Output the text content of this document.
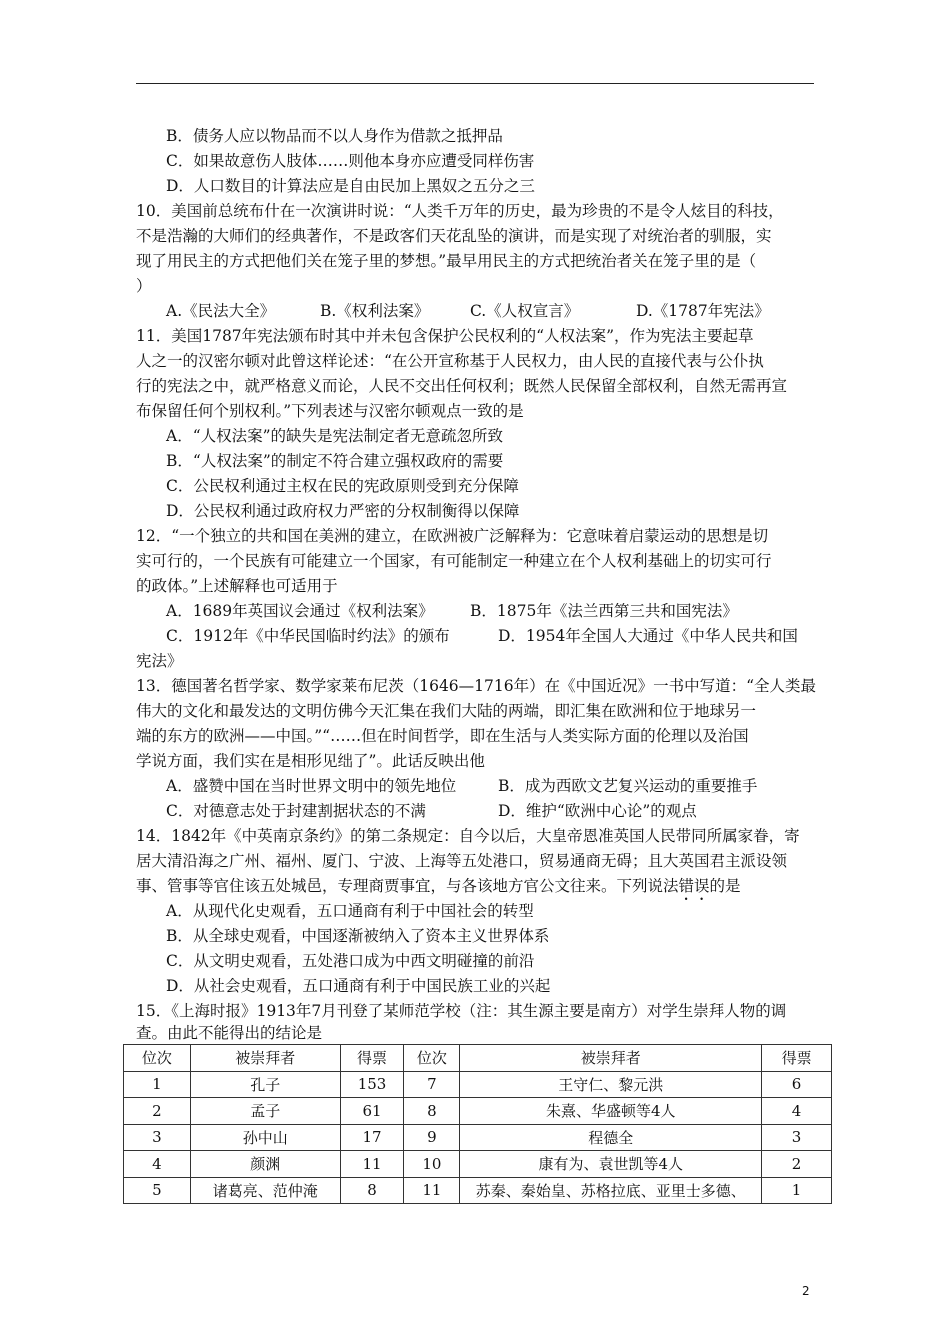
B．债务人应以物品而不以人身作为借款之抵押品
C．如果故意伤人肢体……则他本身亦应遭受同样伤害
D．人口数目的计算法应是自由民加上黑奴之五分之三
10．美国前总统布什在一次演讲时说：“人类千万年的历史，最为珍贵的不是令人炫目的科技，
不是浩瀚的大师们的经典著作，不是政客们天花乱坠的演讲，而是实现了对统治者的驯服，实
现了用民主的方式把他们关在笼子里的梦想。”最早用民主的方式把统治者关在笼子里的是（
）
A.《民法大全》	B.《权利法案》	C.《人权宣言》	D.《1787年宪法》
11．美国1787年宪法颁布时其中并未包含保护公民权利的“人权法案”，作为宪法主要起草
人之一的汉密尔顿对此曾这样论述：“在公开宣称基于人民权力，由人民的直接代表与公仆执
行的宪法之中，就严格意义而论，人民不交出任何权利；既然人民保留全部权利，自然无需再宣
布保留任何个别权利。”下列表述与汉密尔顿观点一致的是
A．“人权法案”的缺失是宪法制定者无意疏忽所致
B．“人权法案”的制定不符合建立强权政府的需要
C．公民权利通过主权在民的宪政原则受到充分保障
D．公民权利通过政府权力严密的分权制衡得以保障
12．“一个独立的共和国在美洲的建立，在欧洲被广泛解释为：它意味着启蒙运动的思想是切
实可行的，一个民族有可能建立一个国家，有可能制定一种建立在个人权利基础上的切实可行
的政体。”上述解释也可适用于
A．1689年英国议会通过《权利法案》 B．1875年《法兰西第三共和国宪法》
C．1912年《中华民国临时约法》的颁布	D．1954年全国人大通过《中华人民共和国
宪法》
13．德国著名哲学家、数学家莱布尼茨（1646—1716年）在《中国近况》一书中写道：“全人类最
伟大的文化和最发达的文明仿佛今天汇集在我们大陆的两端，即汇集在欧洲和位于地球另一
端的东方的欧洲——中国。”“……但在时间哲学，即在生活与人类实际方面的伦理以及治国
学说方面，我们实在是相形见绌了”。此话反映出他
A．盛赞中国在当时世界文明中的领先地位	B．成为西欧文艺复兴运动的重要推手
C．对德意志处于封建割据状态的不满	D．维护“欧洲中心论”的观点
14．1842年《中英南京条约》的第二条规定：自今以后，大皇帝恩准英国人民带同所属家眷，寄
居大清沿海之广州、福州、厦门、宁波、上海等五处港口，贸易通商无碍；且大英国君主派设领
事、管事等官住该五处城邑，专理商贾事宜，与各该地方官公文往来。下列说法错误的是
A．从现代化史观看，五口通商有利于中国社会的转型
B．从全球史观看，中国逐渐被纳入了资本主义世界体系
C．从文明史观看，五处港口成为中西文明碰撞的前沿
D．从社会史观看，五口通商有利于中国民族工业的兴起
15．《上海时报》1913年7月刊登了某师范学校（注：其生源主要是南方）对学生崇拜人物的调
查。由此不能得出的结论是
位次	被崇拜者	得票	位次	被崇拜者	得票
1	孔子	153	7	王守仁、黎元洪	6
2	孟子	61	8	朱熹、华盛顿等4人	4
3	孙中山	17	9	程德全	3
4	颜渊	11	10	康有为、袁世凯等4人	2
5	诸葛亮、范仲淹	8	11	苏秦、秦始皇、苏格拉底、亚里士多德、	1
2
